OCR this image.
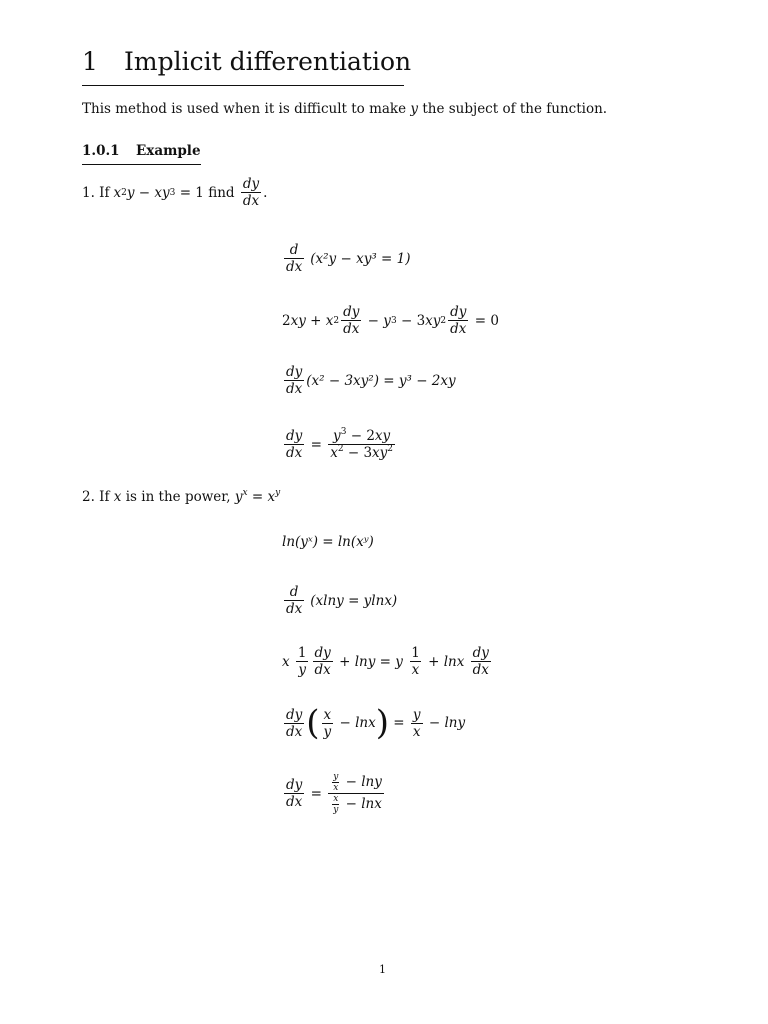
1 Implicit differentiation
This method is used when it is difficult to make y the subject of the function.
1.0.1 Example
1. If x 2 y − xy 3 = 1 find
$\frac{dy}{dx}$ .
$\frac{d}{dx} (x^2y - xy^3 = 1)$
2 xy + x $2 \frac{dy}{dx} - y$ 3 − 3 xy $2 \frac{dy}{dx}$
= 0
$\frac{dy}{dx} (x^2 - 3xy^2) = y^3 - 2xy$
$\frac{dy}{dx} = \frac{y^3 - 2xy}{x^2 - 3xy^2}$
2. If x is in the power, $y^x = x^y$
ln(yˣ) = ln(xʸ)
$\frac{d}{dx} (xlny = ylnx)$
x
$\frac{1}{y} \frac{dy}{dx} + \ln y = y$
$\frac{1}{x} + \ln x$
$\frac{dy}{dx}$
$\frac{dy}{dx}$ ( $\frac{x}{y} - \ln x$ ) = $\frac{y}{x} - \ln y$
$\frac{dy}{dx} = \frac{\frac{y}{x} - \ln y}{\frac{x}{y} - \ln x}$
1
